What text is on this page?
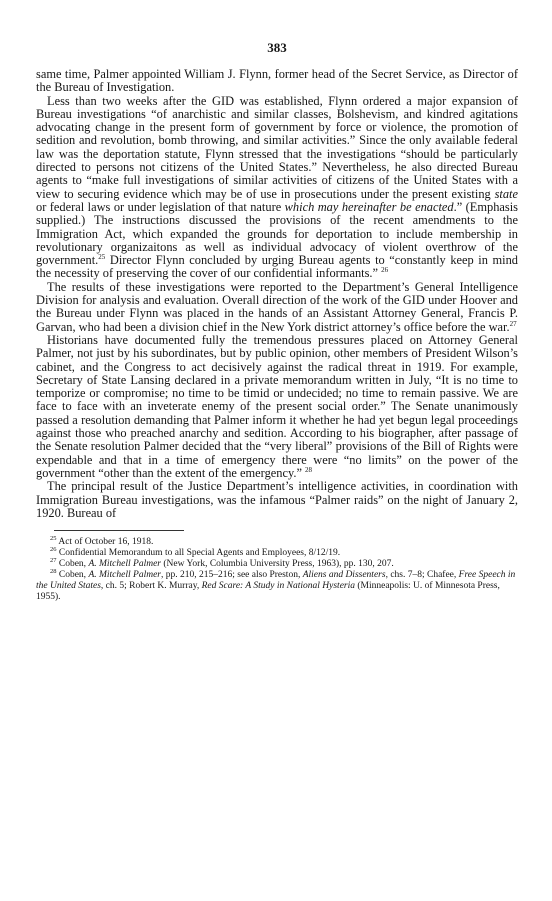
383

same time, Palmer appointed William J. Flynn, former head of the Secret Service, as Director of the Bureau of Investigation.

Less than two weeks after the GID was established, Flynn ordered a major expansion of Bureau investigations “of anarchistic and similar classes, Bolshevism, and kindred agitations advocating change in the present form of government by force or violence, the promotion of sedition and revolution, bomb throwing, and similar activities.” Since the only available federal law was the deportation statute, Flynn stressed that the investigations “should be particularly directed to persons not citizens of the United States.” Nevertheless, he also directed Bureau agents to “make full investigations of similar activities of citizens of the United States with a view to securing evidence which may be of use in prosecutions under the present existing state or federal laws or under legislation of that nature which may hereinafter be enacted.” (Emphasis supplied.) The instructions discussed the provisions of the recent amendments to the Immigration Act, which expanded the grounds for deportation to include membership in revolutionary organizaitons as well as individual advocacy of violent overthrow of the government.$^{25}$ Director Flynn concluded by urging Bureau agents to “constantly keep in mind the necessity of preserving the cover of our confidential informants.” $^{26}$

The results of these investigations were reported to the Department’s General Intelligence Division for analysis and evaluation. Overall direction of the work of the GID under Hoover and the Bureau under Flynn was placed in the hands of an Assistant Attorney General, Francis P. Garvan, who had been a division chief in the New York district attorney’s office before the war.$^{27}$

Historians have documented fully the tremendous pressures placed on Attorney General Palmer, not just by his subordinates, but by public opinion, other members of President Wilson’s cabinet, and the Congress to act decisively against the radical threat in 1919. For example, Secretary of State Lansing declared in a private memorandum written in July, “It is no time to temporize or compromise; no time to be timid or undecided; no time to remain passive. We are face to face with an inveterate enemy of the present social order.” The Senate unanimously passed a resolution demanding that Palmer inform it whether he had yet begun legal proceedings against those who preached anarchy and sedition. According to his biographer, after passage of the Senate resolution Palmer decided that the “very liberal” provisions of the Bill of Rights were expendable and that in a time of emergency there were “no limits” on the power of the government “other than the extent of the emergency.” $^{28}$

The principal result of the Justice Department’s intelligence activities, in coordination with Immigration Bureau investigations, was the infamous “Palmer raids” on the night of January 2, 1920. Bureau of

$^{25}$ Act of October 16, 1918.

$^{26}$ Confidential Memorandum to all Special Agents and Employees, 8/12/19.

$^{27}$ Coben, A. Mitchell Palmer (New York, Columbia University Press, 1963), pp. 130, 207.

$^{28}$ Coben, A. Mitchell Palmer, pp. 210, 215–216; see also Preston, Aliens and Dissenters, chs. 7–8; Chafee, Free Speech in the United States, ch. 5; Robert K. Murray, Red Scare: A Study in National Hysteria (Minneapolis: U. of Minnesota Press, 1955).
